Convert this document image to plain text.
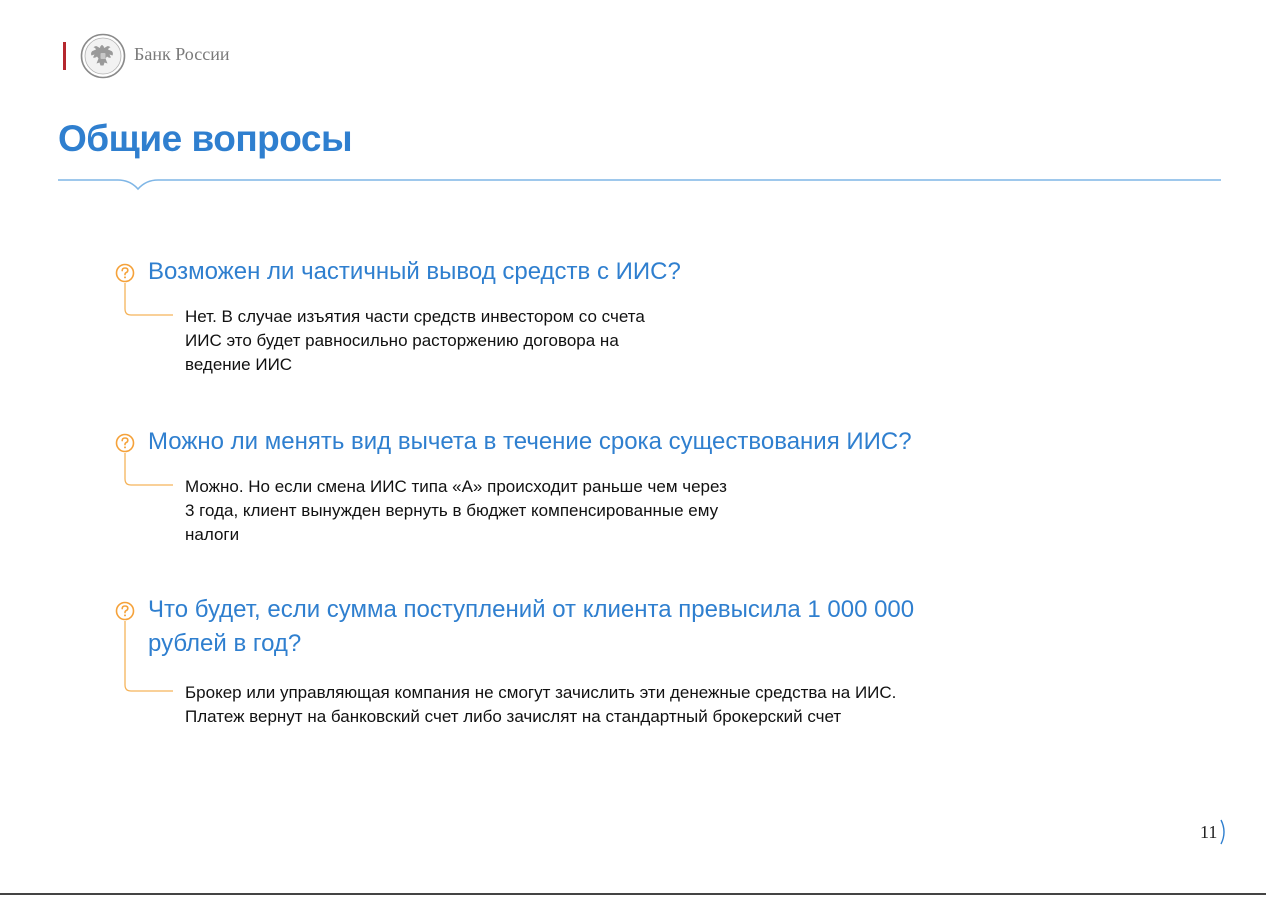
Банк России
Общие вопросы
Возможен ли частичный вывод средств с ИИС?
Нет. В случае изъятия части средств инвестором со счета
ИИС это будет равносильно расторжению договора на
ведение ИИС
Можно ли менять вид вычета в течение срока существования ИИС?
Можно. Но если смена ИИС типа «А» происходит раньше чем через
3 года, клиент вынужден вернуть в бюджет компенсированные ему
налоги
Что будет, если сумма поступлений от клиента превысила 1 000 000
рублей в год?
Брокер или управляющая компания не смогут зачислить эти денежные средства на ИИС.
Платеж вернут на банковский счет либо зачислят на стандартный брокерский счет
11
